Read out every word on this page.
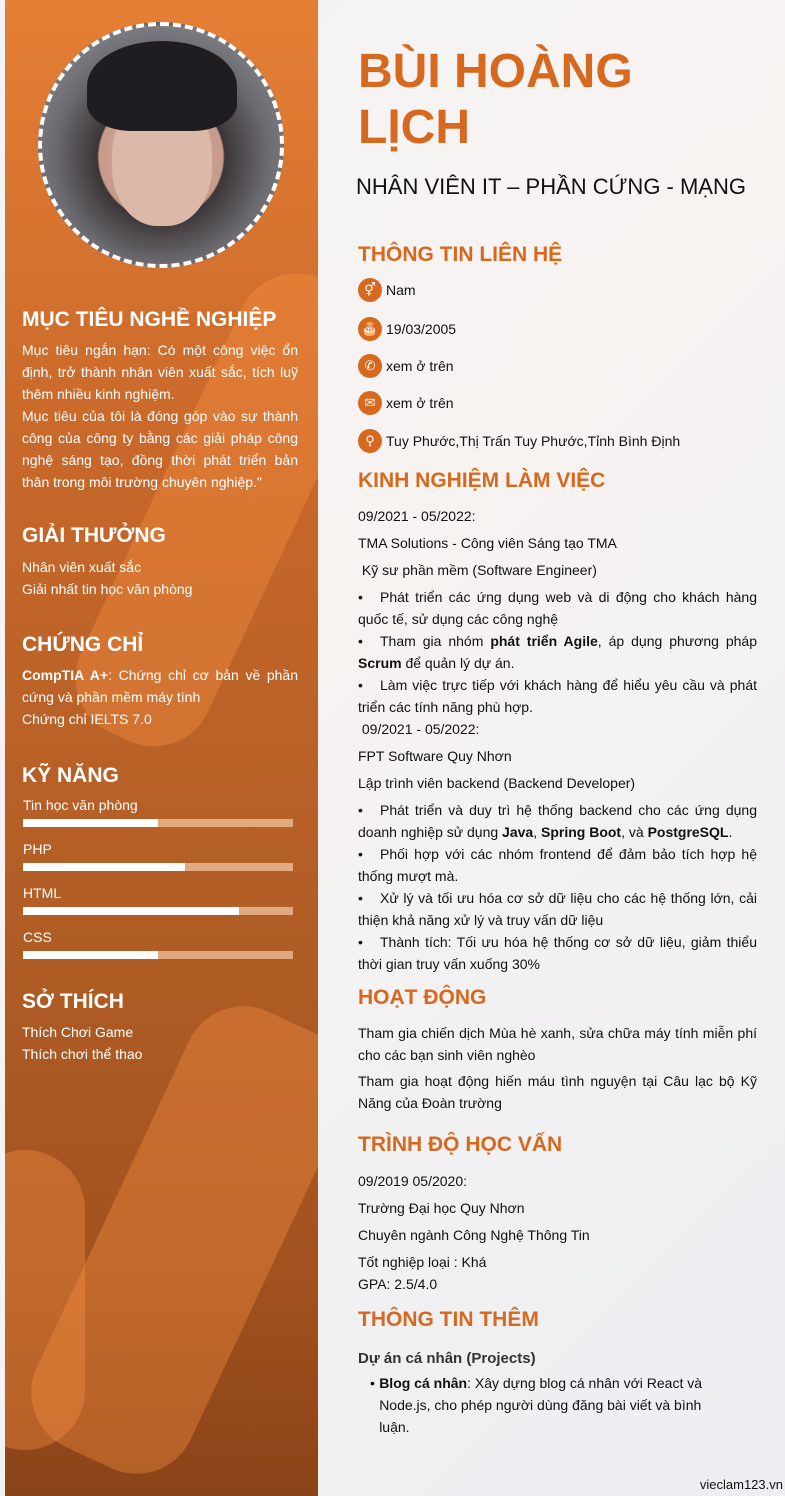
MỤC TIÊU NGHỀ NGHIỆP
Mục tiêu ngắn hạn: Có một công việc ổn định, trở thành nhân viên xuất sắc, tích luỹ thêm nhiều kinh nghiệm.
Mục tiêu của tôi là đóng góp vào sự thành công của công ty bằng các giải pháp công nghệ sáng tạo, đồng thời phát triển bản thân trong môi trường chuyên nghiệp."
GIẢI THƯỞNG
Nhân viên xuất sắc
Giải nhất tin học văn phòng
CHỨNG CHỈ
CompTIA A+: Chứng chỉ cơ bản về phần cứng và phần mềm máy tính
Chứng chỉ IELTS 7.0
KỸ NĂNG
Tin học văn phòng
PHP
HTML
CSS
SỞ THÍCH
Thích Chơi Game
Thích chơi thể thao
BÙI HOÀNG LỊCH
NHÂN VIÊN IT – PHẦN CỨNG - MẠNG
THÔNG TIN LIÊN HỆ
⚥ Nam
🎂 19/03/2005
✆ xem ở trên
✉ xem ở trên
⚲ Tuy Phước,Thị Trấn Tuy Phước,Tỉnh Bình Định
KINH NGHIỆM LÀM VIỆC
09/2021 - 05/2022:
TMA Solutions - Công viên Sáng tạo TMA
Kỹ sư phần mềm (Software Engineer)
• Phát triển các ứng dụng web và di động cho khách hàng quốc tế, sử dụng các công nghệ
• Tham gia nhóm phát triển Agile, áp dụng phương pháp Scrum để quản lý dự án.
• Làm việc trực tiếp với khách hàng để hiểu yêu cầu và phát triển các tính năng phù hợp.
09/2021 - 05/2022:
FPT Software Quy Nhơn
Lập trình viên backend (Backend Developer)
• Phát triển và duy trì hệ thống backend cho các ứng dụng doanh nghiệp sử dụng Java, Spring Boot, và PostgreSQL.
• Phối hợp với các nhóm frontend để đảm bảo tích hợp hệ thống mượt mà.
• Xử lý và tối ưu hóa cơ sở dữ liệu cho các hệ thống lớn, cải thiện khả năng xử lý và truy vấn dữ liệu
• Thành tích: Tối ưu hóa hệ thống cơ sở dữ liệu, giảm thiểu thời gian truy vấn xuống 30%
HOẠT ĐỘNG
Tham gia chiến dịch Mùa hè xanh, sửa chữa máy tính miễn phí cho các bạn sinh viên nghèo
Tham gia hoạt động hiến máu tình nguyện tại Câu lạc bộ Kỹ Năng của Đoàn trường
TRÌNH ĐỘ HỌC VẤN
09/2019 05/2020:
Trường Đại học Quy Nhơn
Chuyên ngành Công Nghệ Thông Tin
Tốt nghiệp loại : Khá
GPA: 2.5/4.0
THÔNG TIN THÊM
Dự án cá nhân (Projects)
• Blog cá nhân: Xây dựng blog cá nhân với React và Node.js, cho phép người dùng đăng bài viết và bình luận.
vieclam123.vn
